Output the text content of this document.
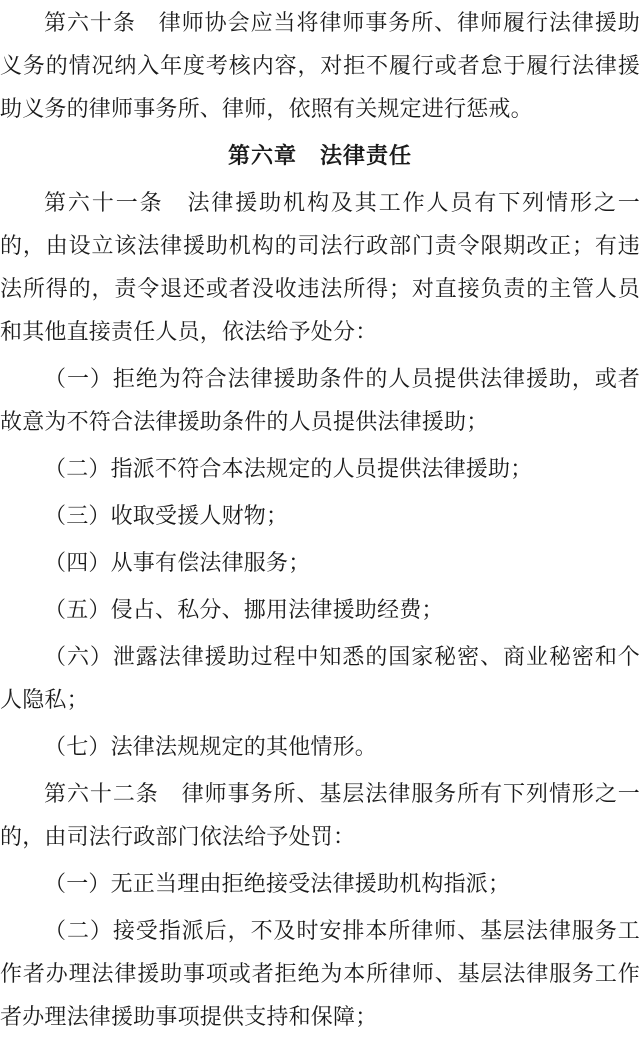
第六十条　律师协会应当将律师事务所、律师履行法律援助
义务的情况纳入年度考核内容，对拒不履行或者怠于履行法律援
助义务的律师事务所、律师，依照有关规定进行惩戒。
第六章　法律责任
第六十一条　法律援助机构及其工作人员有下列情形之一
的，由设立该法律援助机构的司法行政部门责令限期改正；有违
法所得的，责令退还或者没收违法所得；对直接负责的主管人员
和其他直接责任人员，依法给予处分：
（一）拒绝为符合法律援助条件的人员提供法律援助，或者
故意为不符合法律援助条件的人员提供法律援助；
（二）指派不符合本法规定的人员提供法律援助；
（三）收取受援人财物；
（四）从事有偿法律服务；
（五）侵占、私分、挪用法律援助经费；
（六）泄露法律援助过程中知悉的国家秘密、商业秘密和个
人隐私；
（七）法律法规规定的其他情形。
第六十二条　律师事务所、基层法律服务所有下列情形之一
的，由司法行政部门依法给予处罚：
（一）无正当理由拒绝接受法律援助机构指派；
（二）接受指派后，不及时安排本所律师、基层法律服务工
作者办理法律援助事项或者拒绝为本所律师、基层法律服务工作
者办理法律援助事项提供支持和保障；
